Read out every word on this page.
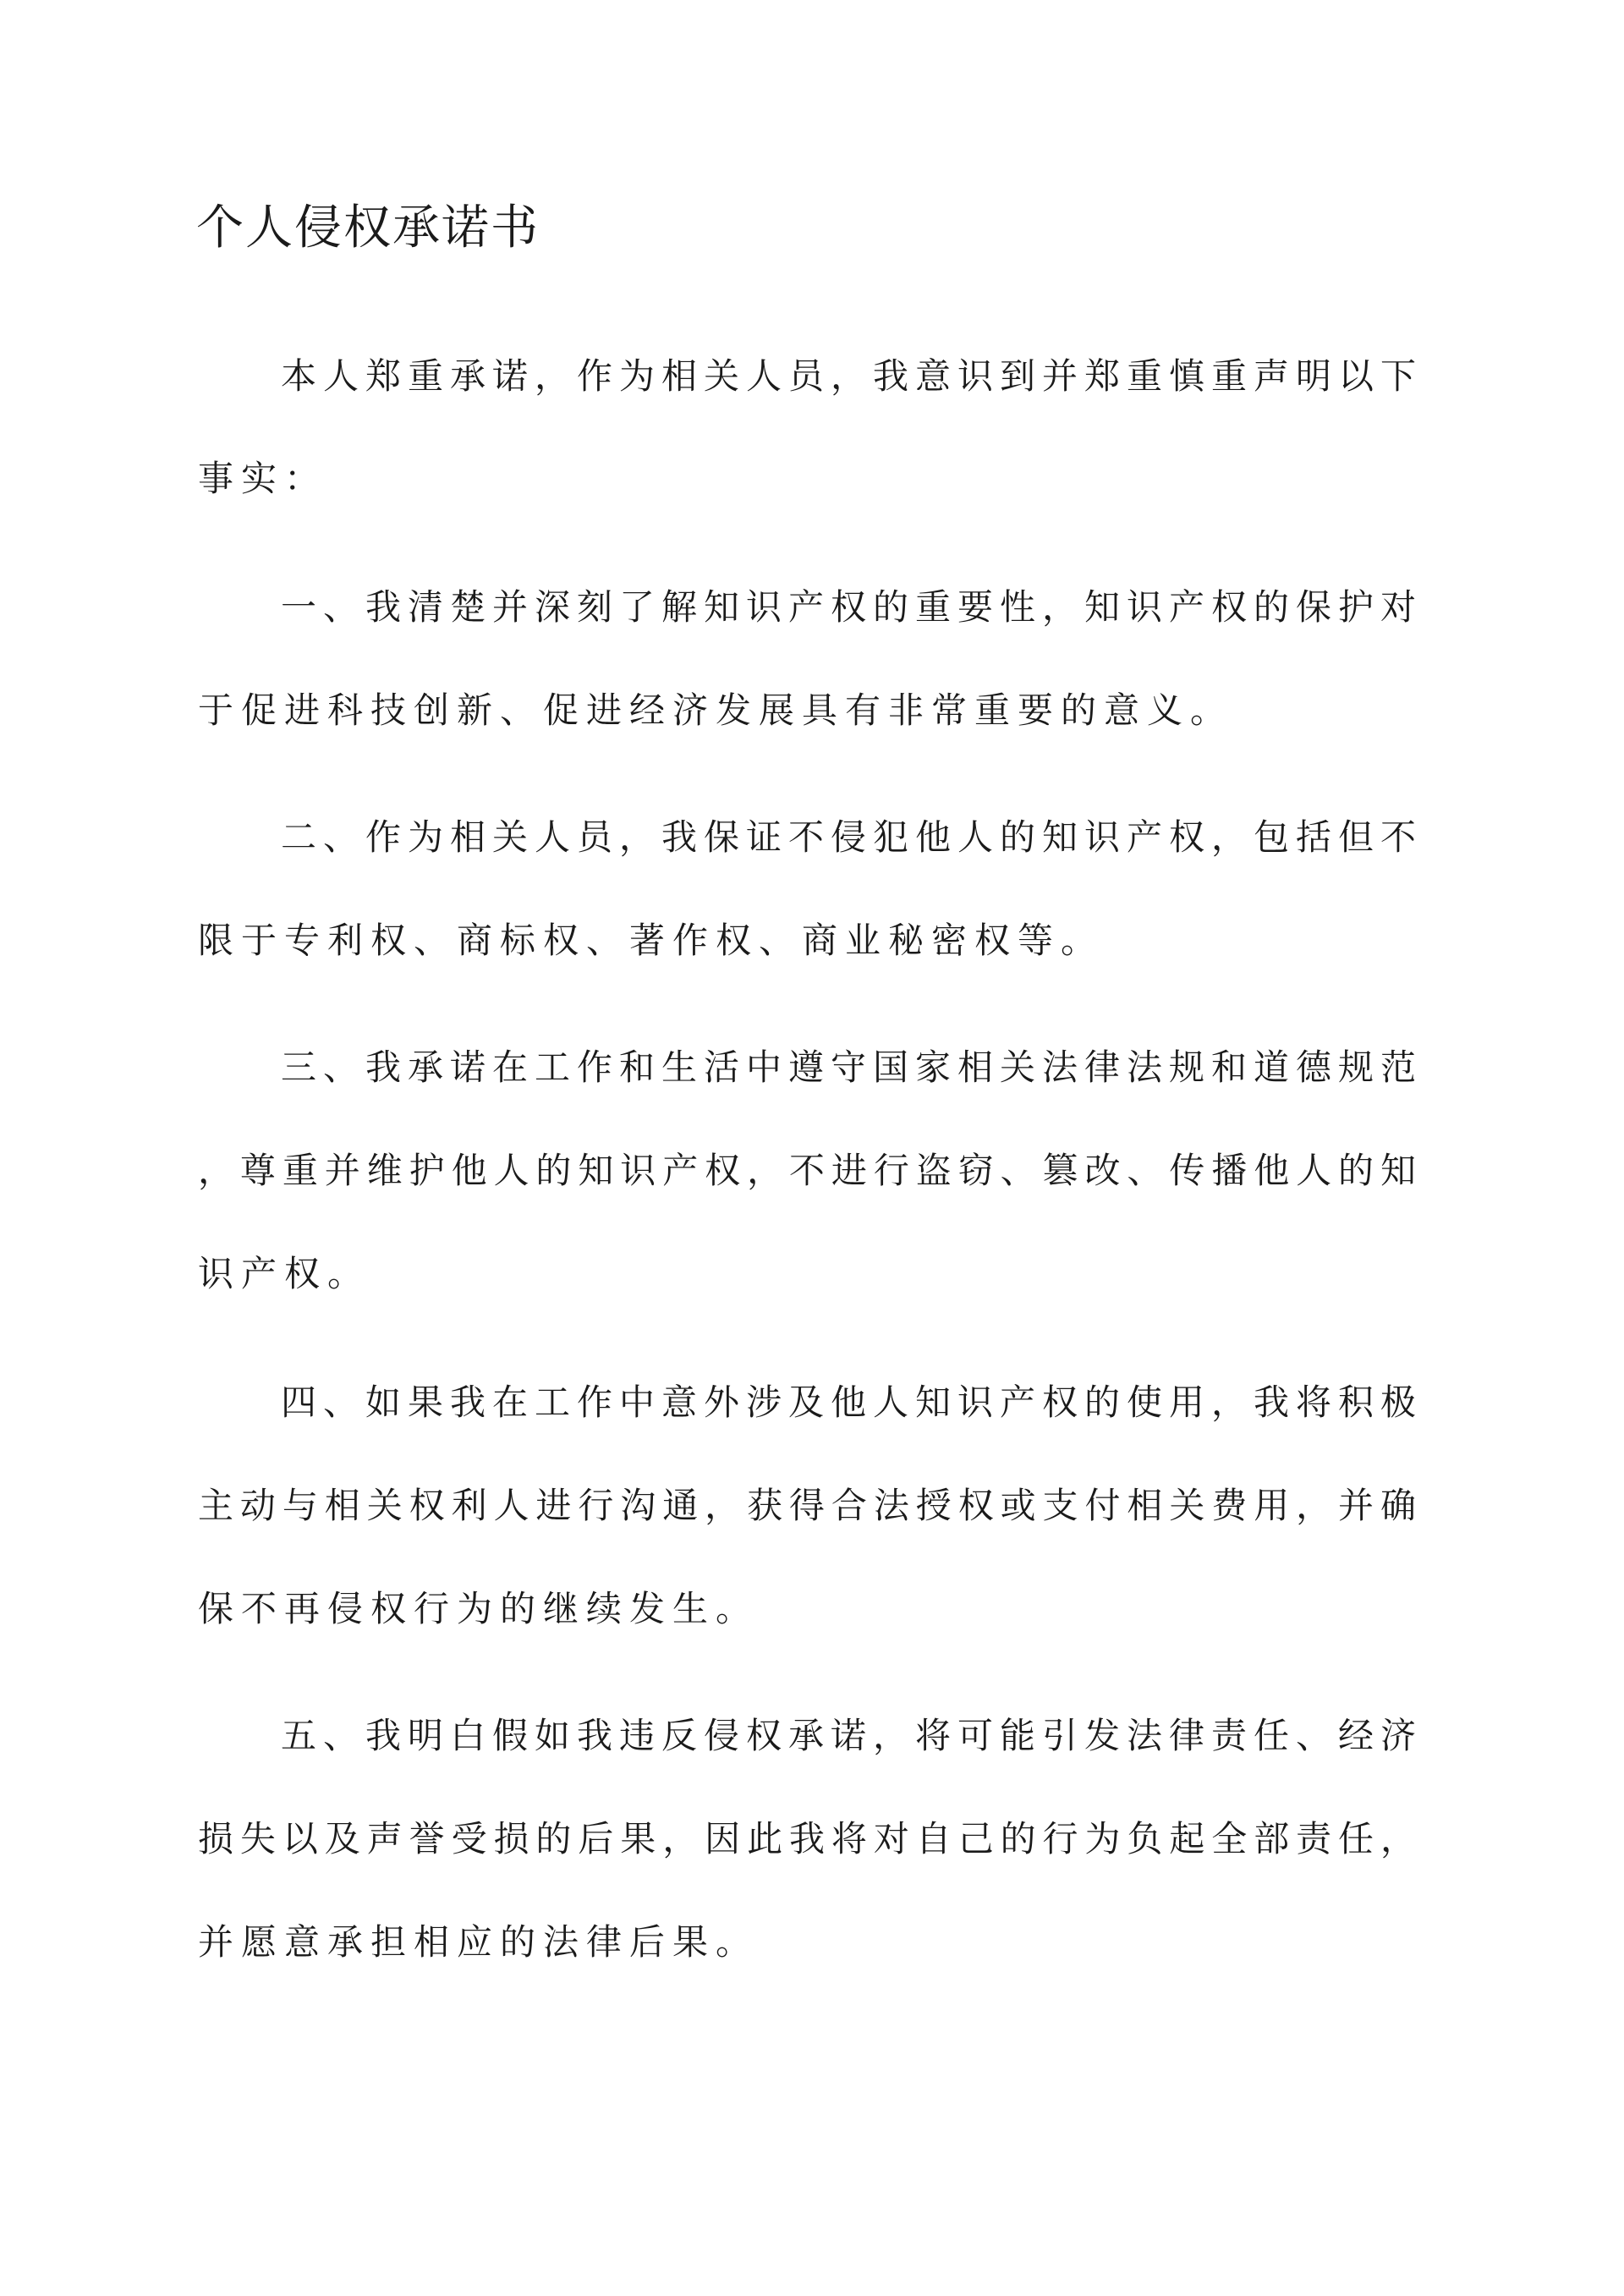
个人侵权承诺书

本人郑重承诺，作为相关人员，我意识到并郑重慎重声明以下

事实：

一、我清楚并深刻了解知识产权的重要性，知识产权的保护对

于促进科技创新、促进经济发展具有非常重要的意义。

二、作为相关人员，我保证不侵犯他人的知识产权，包括但不

限于专利权、商标权、著作权、商业秘密权等。

三、我承诺在工作和生活中遵守国家相关法律法规和道德规范

，尊重并维护他人的知识产权，不进行盗窃、篡改、传播他人的知

识产权。

四、如果我在工作中意外涉及他人知识产权的使用，我将积极

主动与相关权利人进行沟通，获得合法授权或支付相关费用，并确

保不再侵权行为的继续发生。

五、我明白假如我违反侵权承诺，将可能引发法律责任、经济

损失以及声誉受损的后果，因此我将对自己的行为负起全部责任，

并愿意承担相应的法律后果。
